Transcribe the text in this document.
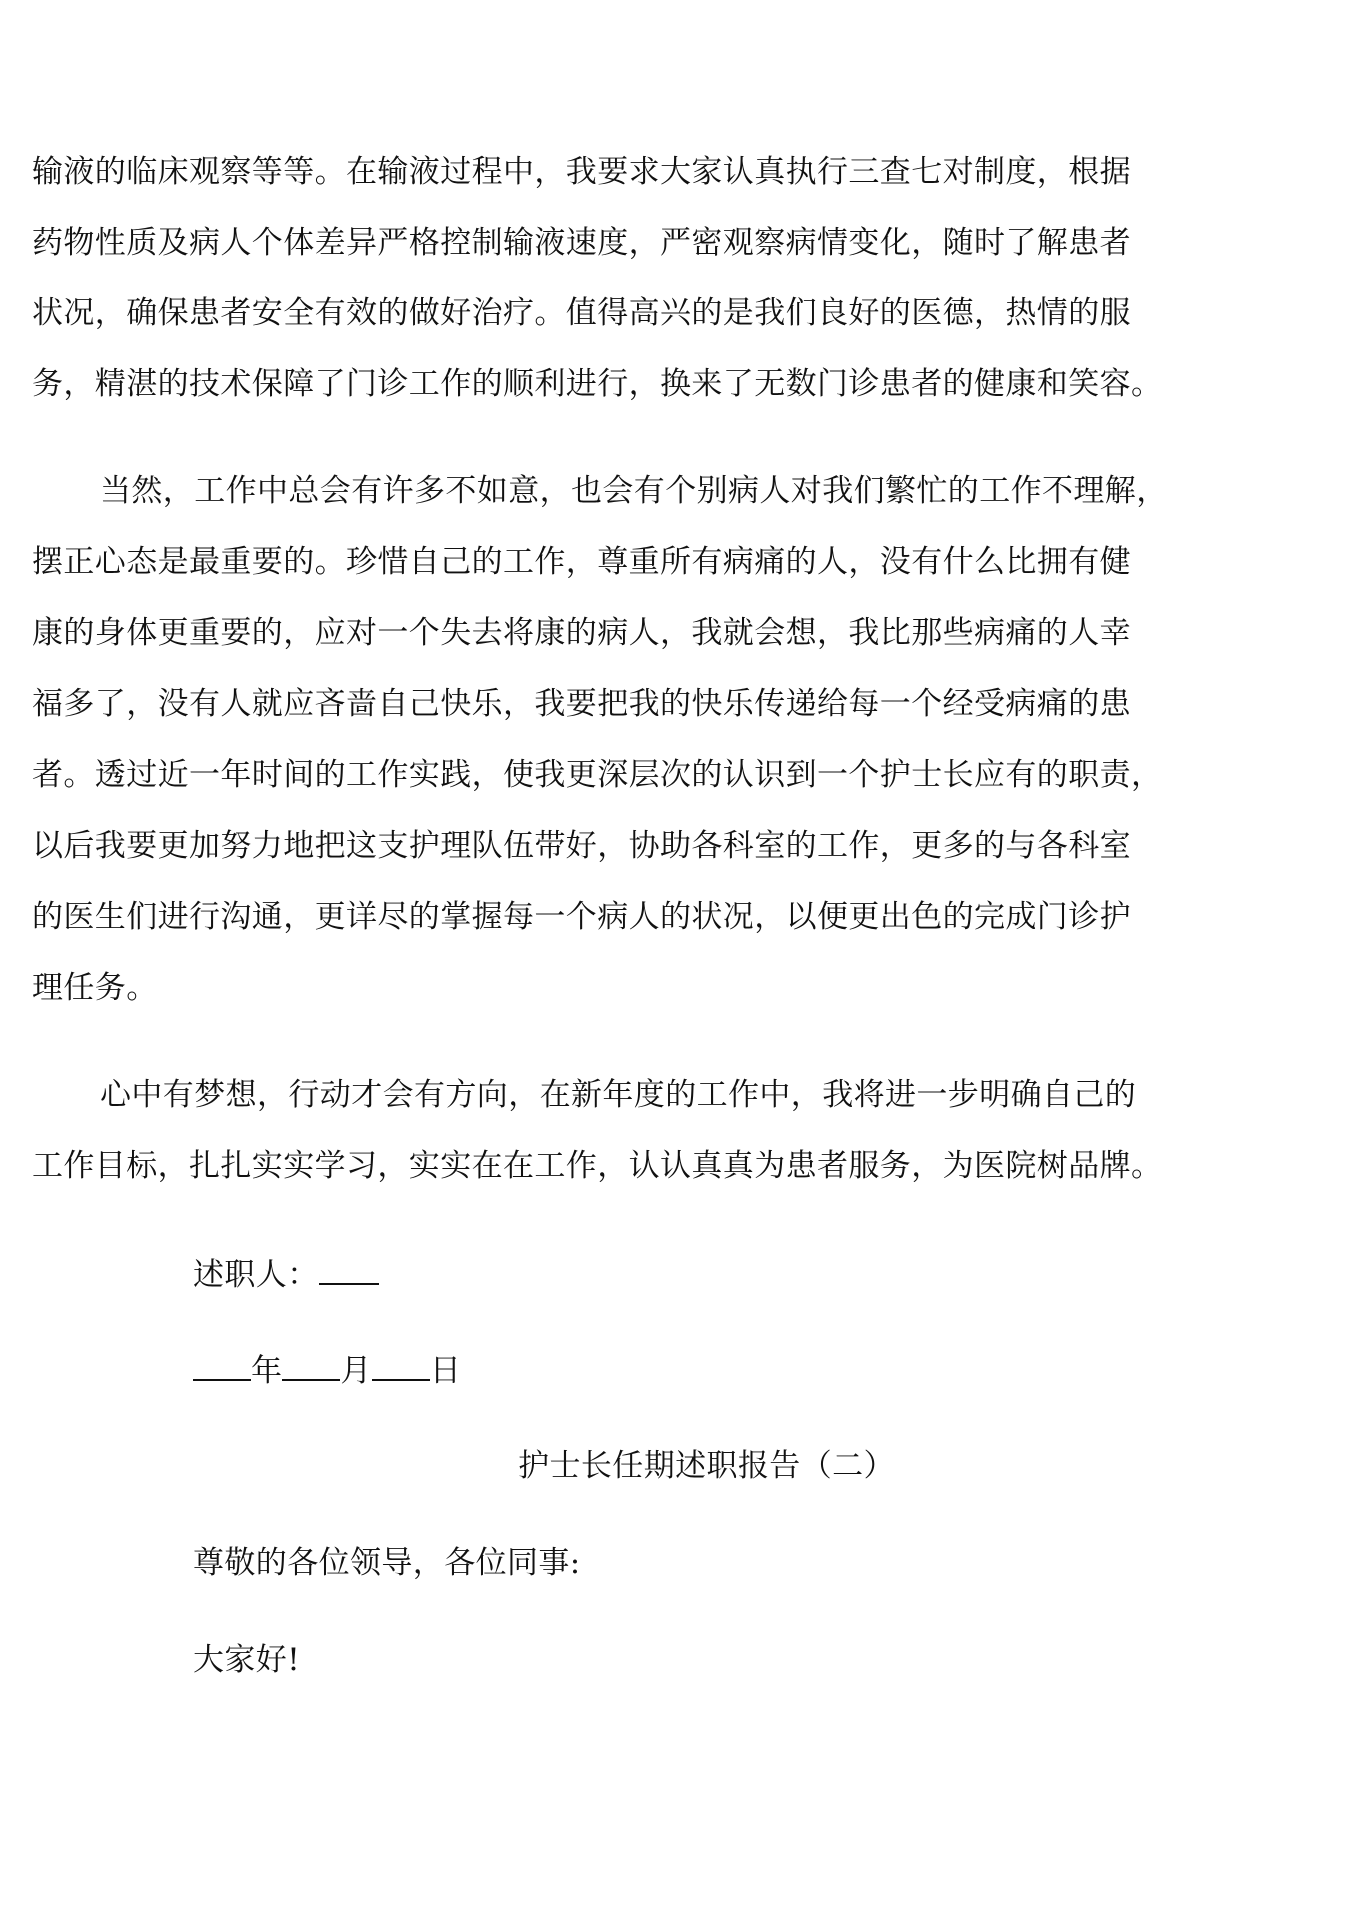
输液的临床观察等等。在输液过程中，我要求大家认真执行三查七对制度，根据
药物性质及病人个体差异严格控制输液速度，严密观察病情变化，随时了解患者
状况，确保患者安全有效的做好治疗。值得高兴的是我们良好的医德，热情的服
务，精湛的技术保障了门诊工作的顺利进行，换来了无数门诊患者的健康和笑容。
当然，工作中总会有许多不如意，也会有个别病人对我们繁忙的工作不理解，
摆正心态是最重要的。珍惜自己的工作，尊重所有病痛的人，没有什么比拥有健
康的身体更重要的，应对一个失去将康的病人，我就会想，我比那些病痛的人幸
福多了，没有人就应吝啬自己快乐，我要把我的快乐传递给每一个经受病痛的患
者。透过近一年时间的工作实践，使我更深层次的认识到一个护士长应有的职责，
以后我要更加努力地把这支护理队伍带好，协助各科室的工作，更多的与各科室
的医生们进行沟通，更详尽的掌握每一个病人的状况，以便更出色的完成门诊护
理任务。
心中有梦想，行动才会有方向，在新年度的工作中，我将进一步明确自己的
工作目标，扎扎实实学习，实实在在工作，认认真真为患者服务，为医院树品牌。
述职人：
年 月 日
护士长任期述职报告（二）
尊敬的各位领导，各位同事:
大家好!
